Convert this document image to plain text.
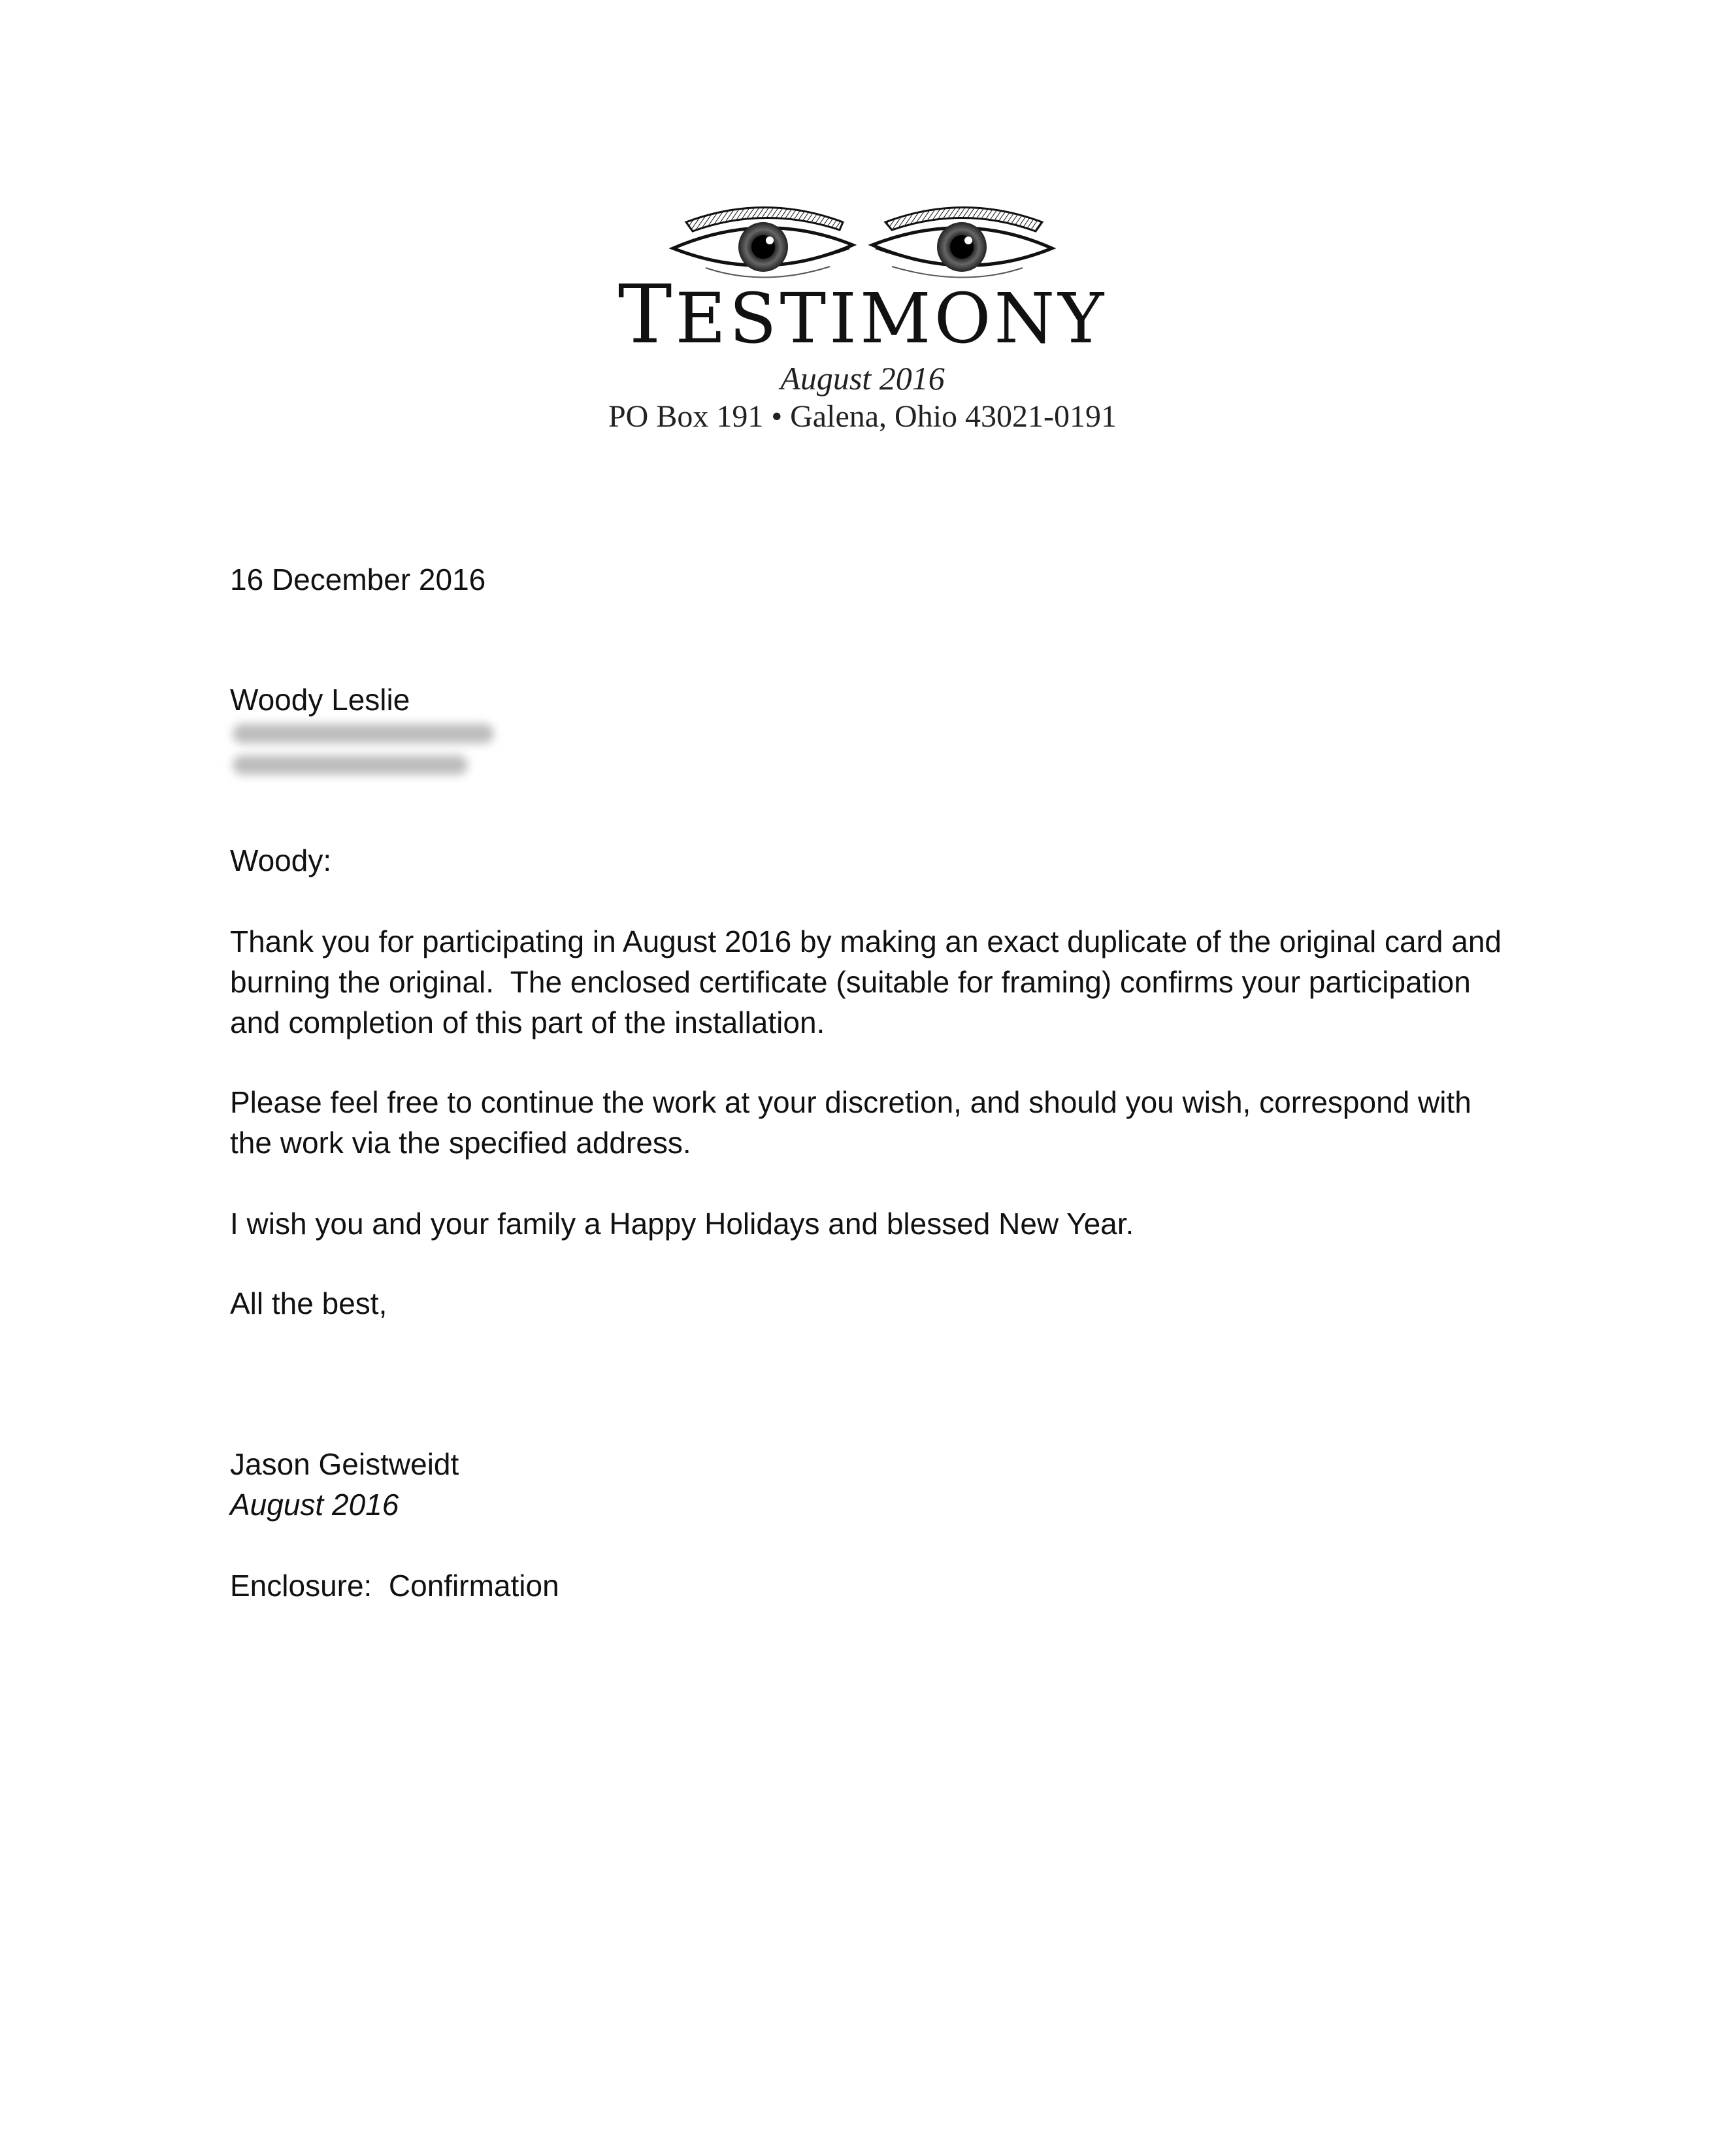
TESTIMONY
August 2016
PO Box 191 • Galena, Ohio 43021-0191
16 December 2016
Woody Leslie
Woody:
Thank you for participating in August 2016 by making an exact duplicate of the original card and
burning the original.  The enclosed certificate (suitable for framing) confirms your participation
and completion of this part of the installation.
Please feel free to continue the work at your discretion, and should you wish, correspond with
the work via the specified address.
I wish you and your family a Happy Holidays and blessed New Year.
All the best,
Jason Geistweidt
August 2016
Enclosure:  Confirmation
